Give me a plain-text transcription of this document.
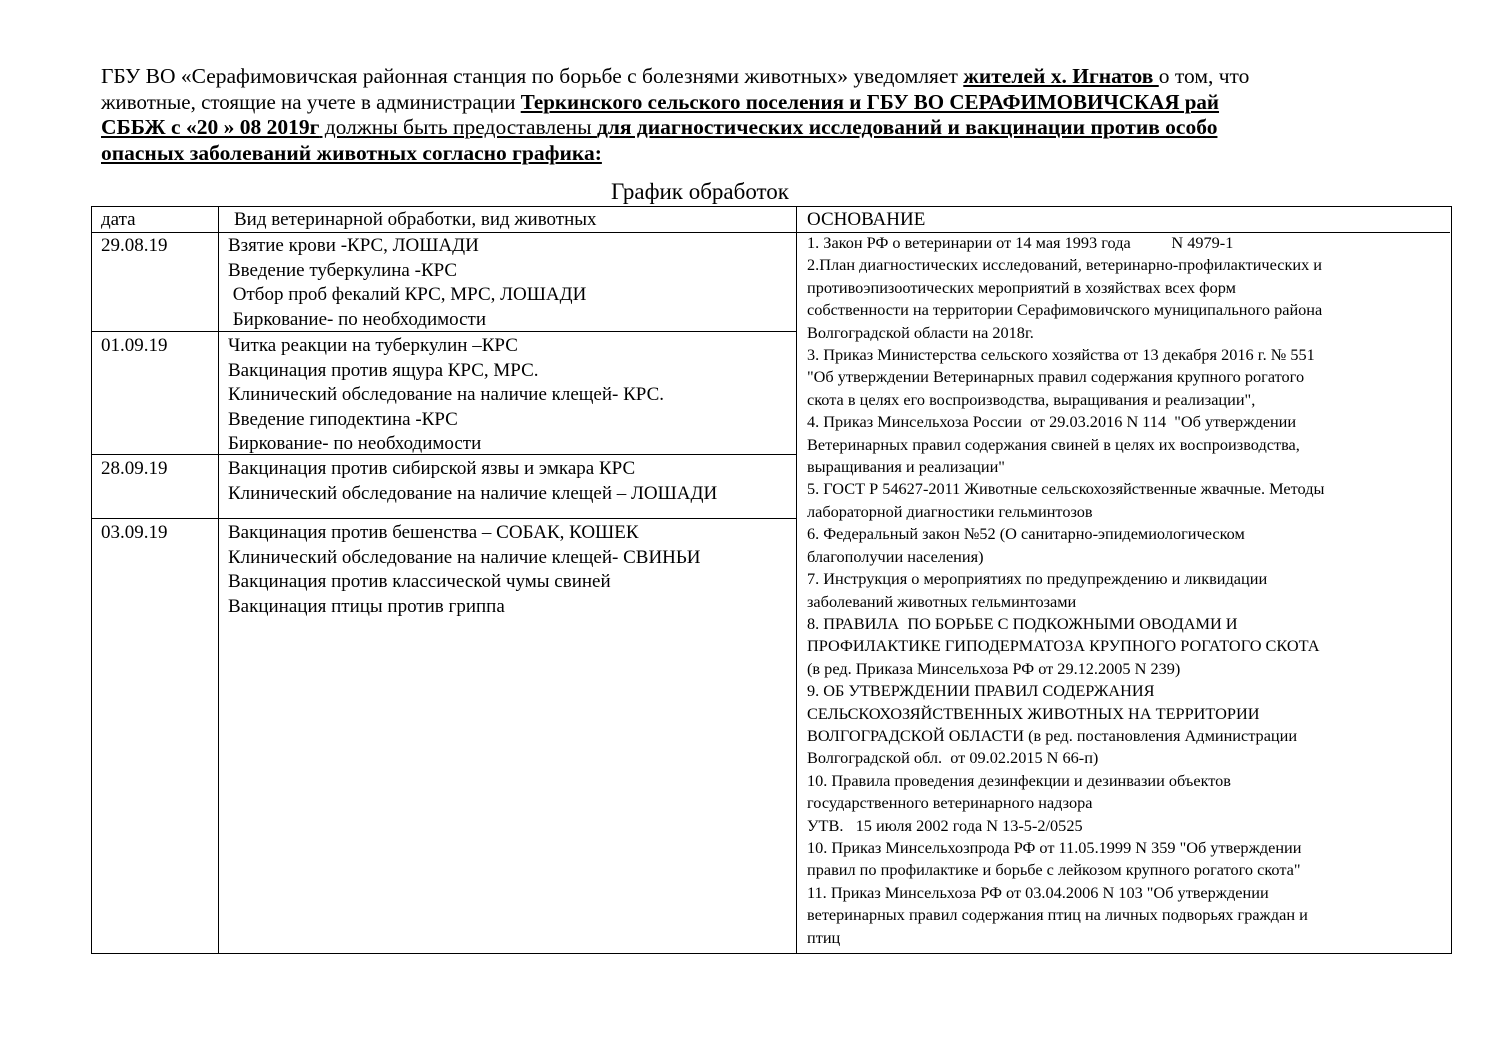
ГБУ ВО «Серафимовичская районная станция по борьбе с болезнями животных» уведомляет жителей х. Игнатов о том, что

животные, стоящие на учете в администрации Теркинского сельского поселения и ГБУ ВО СЕРАФИМОВИЧСКАЯ рай

СББЖ с «20 » 08 2019г должны быть предоставлены для диагностических исследований и вакцинации против особо

опасных заболеваний животных согласно графика:

График обработок
дата	Вид ветеринарной обработки, вид животных	ОСНОВАНИЕ
29.08.19	Взятие крови -КРС, ЛОШАДИ
Введение туберкулина -КРС
Отбор проб фекалий КРС, МРС, ЛОШАДИ
Биркование- по необходимости
01.09.19	Читка реакции на туберкулин –КРС
Вакцинация против ящура КРС, МРС.
Клинический обследование на наличие клещей- КРС.
Введение гиподектина -КРС
Биркование- по необходимости
28.09.19	Вакцинация против сибирской язвы и эмкара КРС
Клинический обследование на наличие клещей – ЛОШАДИ
03.09.19	Вакцинация против бешенства – СОБАК, КОШЕК
Клинический обследование на наличие клещей- СВИНЬИ
Вакцинация против классической чумы свиней
Вакцинация птицы против гриппа
1. Закон РФ о ветеринарии от 14 мая 1993 года          N 4979-1
2.План диагностических исследований, ветеринарно-профилактических и
противоэпизоотических мероприятий в хозяйствах всех форм
собственности на территории Серафимовичского муниципального района
Волгоградской области на 2018г.
3. Приказ Министерства сельского хозяйства от 13 декабря 2016 г. № 551
"Об утверждении Ветеринарных правил содержания крупного рогатого
скота в целях его воспроизводства, выращивания и реализации",
4. Приказ Минсельхоза России  от 29.03.2016 N 114  "Об утверждении
Ветеринарных правил содержания свиней в целях их воспроизводства,
выращивания и реализации"
5. ГОСТ Р 54627-2011 Животные сельскохозяйственные жвачные. Методы
лабораторной диагностики гельминтозов
6. Федеральный закон №52 (О санитарно-эпидемиологическом
благополучии населения)
7. Инструкция о мероприятиях по предупреждению и ликвидации
заболеваний животных гельминтозами
8. ПРАВИЛА  ПО БОРЬБЕ С ПОДКОЖНЫМИ ОВОДАМИ И
ПРОФИЛАКТИКЕ ГИПОДЕРМАТОЗА КРУПНОГО РОГАТОГО СКОТА
(в ред. Приказа Минсельхоза РФ от 29.12.2005 N 239)
9. ОБ УТВЕРЖДЕНИИ ПРАВИЛ СОДЕРЖАНИЯ
СЕЛЬСКОХОЗЯЙСТВЕННЫХ ЖИВОТНЫХ НА ТЕРРИТОРИИ
ВОЛГОГРАДСКОЙ ОБЛАСТИ (в ред. постановления Администрации
Волгоградской обл.  от 09.02.2015 N 66-п)
10. Правила проведения дезинфекции и дезинвазии объектов
государственного ветеринарного надзора
УТВ.   15 июля 2002 года N 13-5-2/0525
10. Приказ Минсельхозпрода РФ от 11.05.1999 N 359 "Об утверждении
правил по профилактике и борьбе с лейкозом крупного рогатого скота"
11. Приказ Минсельхоза РФ от 03.04.2006 N 103 "Об утверждении
ветеринарных правил содержания птиц на личных подворьях граждан и
птиц
